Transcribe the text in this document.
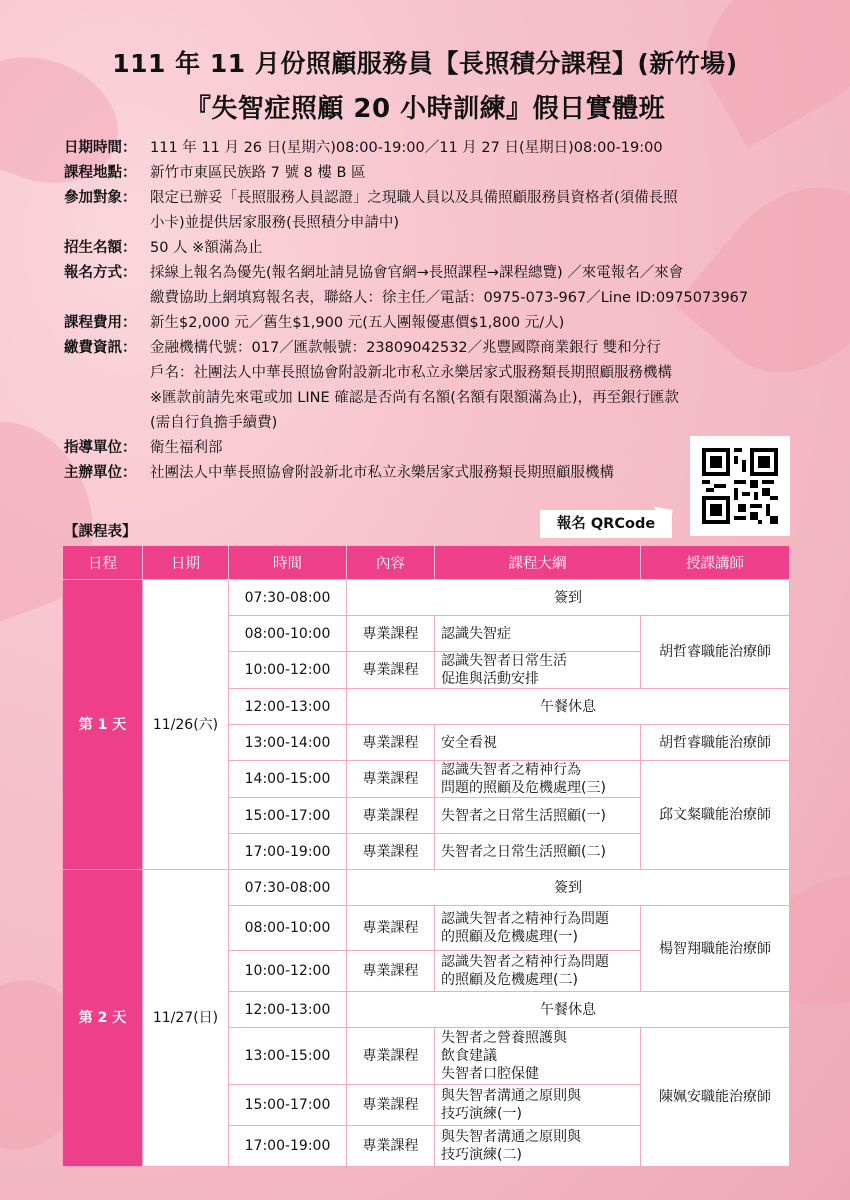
111 年 11 月份照顧服務員【長照積分課程】(新竹場)
『失智症照顧 20 小時訓練』假日實體班
日期時間： 111 年 11 月 26 日(星期六)08:00-19:00／11 月 27 日(星期日)08:00-19:00
課程地點： 新竹市東區民族路 7 號 8 樓 B 區
參加對象： 限定已辦妥「長照服務人員認證」之現職人員以及具備照顧服務員資格者(須備長照
小卡)並提供居家服務(長照積分申請中)
招生名額： 50 人 ※額滿為止
報名方式： 採線上報名為優先(報名網址請見協會官網→長照課程→課程總覽) ／來電報名／來會
繳費協助上網填寫報名表，聯絡人：徐主任／電話：0975-073-967／Line ID:0975073967
課程費用： 新生$2,000 元／舊生$1,900 元(五人團報優惠價$1,800 元/人)
繳費資訊： 金融機構代號：017／匯款帳號：23809042532／兆豐國際商業銀行 雙和分行
戶名：社團法人中華長照協會附設新北市私立永樂居家式服務類長期照顧服務機構
※匯款前請先來電或加 LINE 確認是否尚有名額(名額有限額滿為止)，再至銀行匯款
(需自行負擔手續費)
指導單位： 衛生福利部
主辦單位： 社團法人中華長照協會附設新北市私立永樂居家式服務類長期照顧服機構
報名 QRCode
【課程表】
日程	日期	時間	內容	課程大綱	授課講師
第 1 天	11/26(六)	07:30-08:00	簽到		
		08:00-10:00	專業課程	認識失智症	胡哲睿職能治療師
		10:00-12:00	專業課程	認識失智者日常生活
促進與活動安排	

		12:00-13:00	午餐休息		
		13:00-14:00	專業課程	安全看視	胡哲睿職能治療師
		14:00-15:00	專業課程	認識失智者之精神行為
問題的照顧及危機處理(三)	邱文粲職能治療師
		15:00-17:00	專業課程	失智者之日常生活照顧(一)	
		17:00-19:00	專業課程	失智者之日常生活照顧(二)	
第 2 天	11/27(日)	07:30-08:00	簽到		
		08:00-10:00	專業課程	認識失智者之精神行為問題
的照顧及危機處理(一)	楊智翔職能治療師
		10:00-12:00	專業課程	認識失智者之精神行為問題
的照顧及危機處理(二)	

		12:00-13:00	午餐休息		
		13:00-15:00	專業課程	失智者之營養照護與
飲食建議
失智者口腔保健	陳姵安職能治療師
		15:00-17:00	專業課程	與失智者溝通之原則與
技巧演練(一)	

		17:00-19:00	專業課程	與失智者溝通之原則與
技巧演練(二)	
